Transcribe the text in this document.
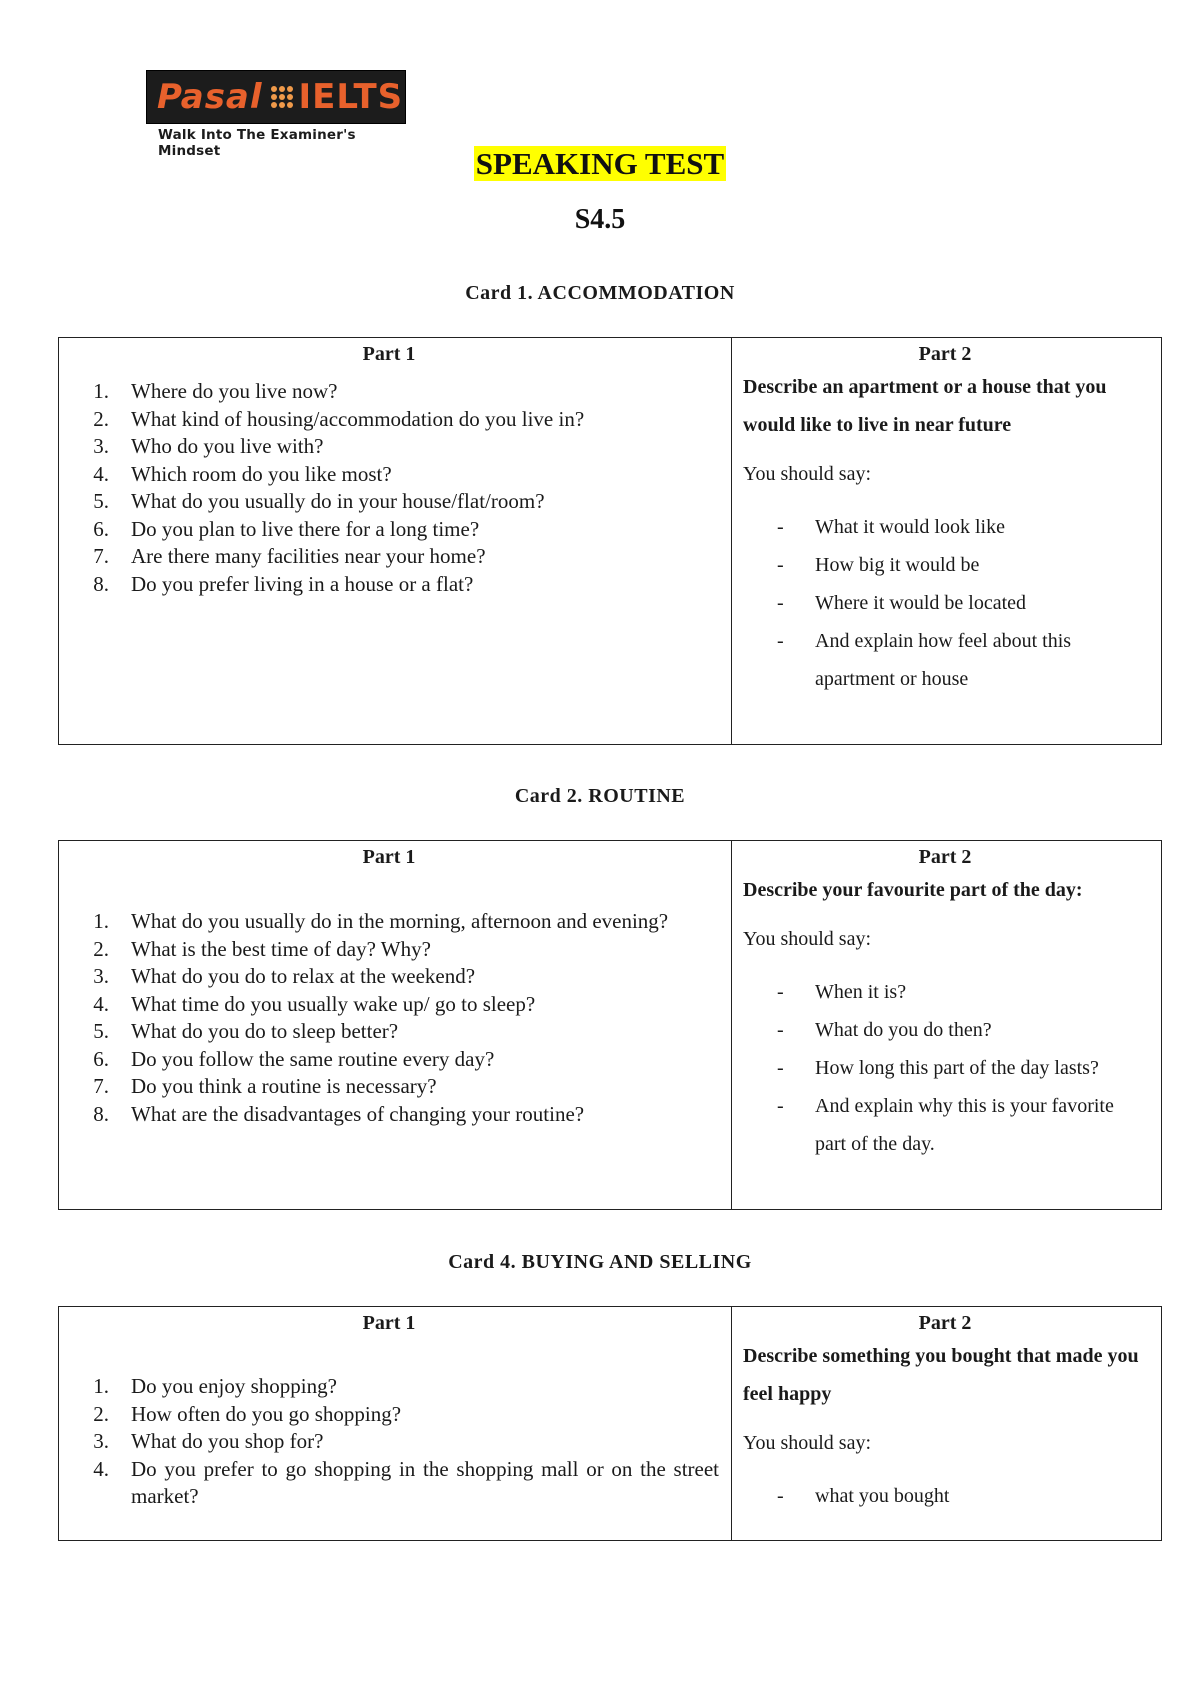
Pasal IELTS
Walk Into The Examiner's Mindset	SPEAKING TEST
S4.5
Card 1. ACCOMMODATION
Part 1
1.	Where do you live now?
2.	What kind of housing/accommodation do you live in?
3.	Who do you live with?
4.	Which room do you like most?
5.	What do you usually do in your house/flat/room?
6.	Do you plan to live there for a long time?
7.	Are there many facilities near your home?
8.	Do you prefer living in a house or a flat?
Part 2
Describe an apartment or a house that you would like to live in near future
You should say:
-	What it would look like
-	How big it would be
-	Where it would be located
-	And explain how feel about this apartment or house
Card 2. ROUTINE
Part 1
1.	What do you usually do in the morning, afternoon and evening?
2.	What is the best time of day? Why?
3.	What do you do to relax at the weekend?
4.	What time do you usually wake up/ go to sleep?
5.	What do you do to sleep better?
6.	Do you follow the same routine every day?
7.	Do you think a routine is necessary?
8.	What are the disadvantages of changing your routine?
Part 2
Describe your favourite part of the day:
You should say:
-	When it is?
-	What do you do then?
-	How long this part of the day lasts?
-	And explain why this is your favorite part of the day.
Card 4. BUYING AND SELLING
Part 1
1.	Do you enjoy shopping?
2.	How often do you go shopping?
3.	What do you shop for?
4.	Do you prefer to go shopping in the shopping mall or on the street market?
Part 2
Describe something you bought that made you feel happy
You should say:
-	what you bought
